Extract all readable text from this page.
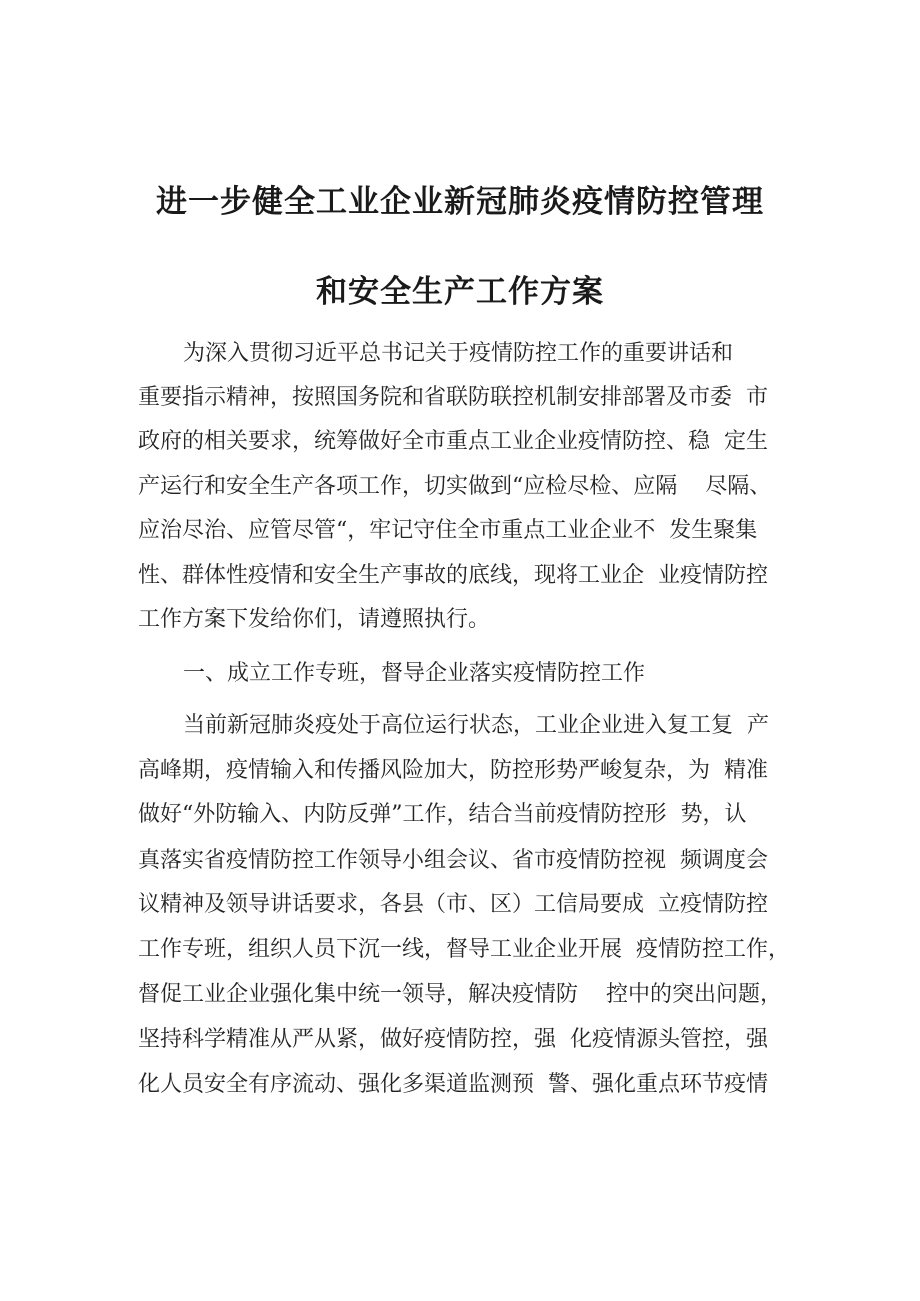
进一步健全工业企业新冠肺炎疫情防控管理
和安全生产工作方案
为深入贯彻习近平总书记关于疫情防控工作的重要讲话和
重要指示精神，按照国务院和省联防联控机制安排部署及市委  市
政府的相关要求，统筹做好全市重点工业企业疫情防控、稳  定生
产运行和安全生产各项工作，切实做到“应检尽检、应隔    尽隔、
应治尽治、应管尽管“，牢记守住全市重点工业企业不  发生聚集
性、群体性疫情和安全生产事故的底线，现将工业企  业疫情防控
工作方案下发给你们，请遵照执行。
一、成立工作专班，督导企业落实疫情防控工作
当前新冠肺炎疫处于高位运行状态，工业企业进入复工复  产
高峰期，疫情输入和传播风险加大，防控形势严峻复杂，为  精准
做好“外防输入、内防反弹”工作，结合当前疫情防控形  势，认
真落实省疫情防控工作领导小组会议、省市疫情防控视  频调度会
议精神及领导讲话要求，各县（市、区）工信局要成  立疫情防控
工作专班，组织人员下沉一线，督导工业企业开展  疫情防控工作，
督促工业企业强化集中统一领导，解决疫情防    控中的突出问题，
坚持科学精准从严从紧，做好疫情防控，强  化疫情源头管控，强
化人员安全有序流动、强化多渠道监测预  警、强化重点环节疫情
